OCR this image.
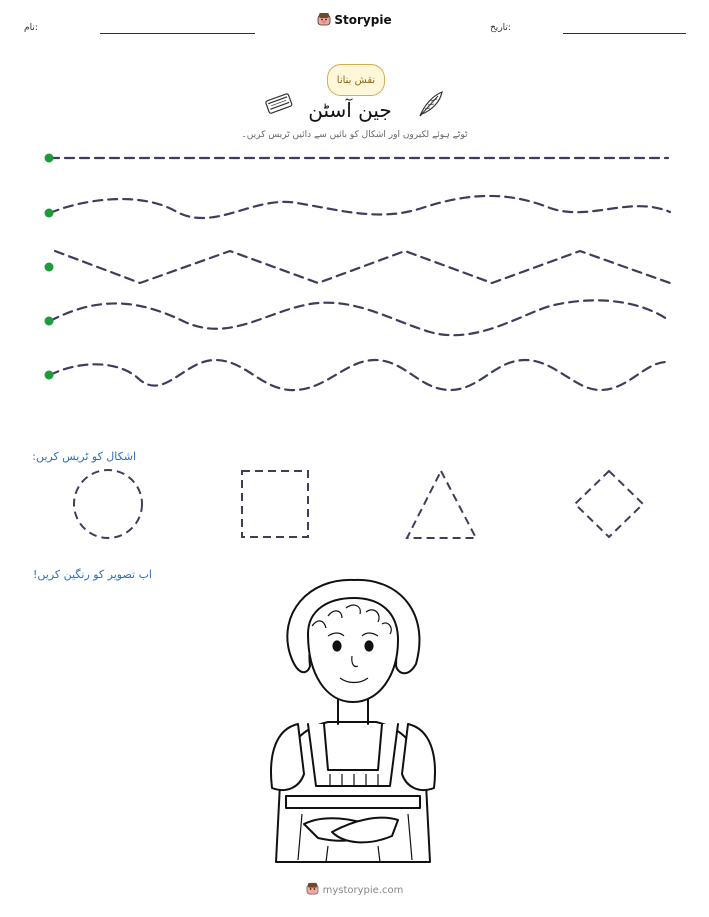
نام:
Storypie
تاریخ:
نقش بنانا
جین آسٹن
ٹوٹے ہوئے لکیروں اور اشکال کو بائیں سے دائیں ٹریس کریں۔
اشکال کو ٹریس کریں:
اب تصویر کو رنگین کریں!
mystorypie.com
